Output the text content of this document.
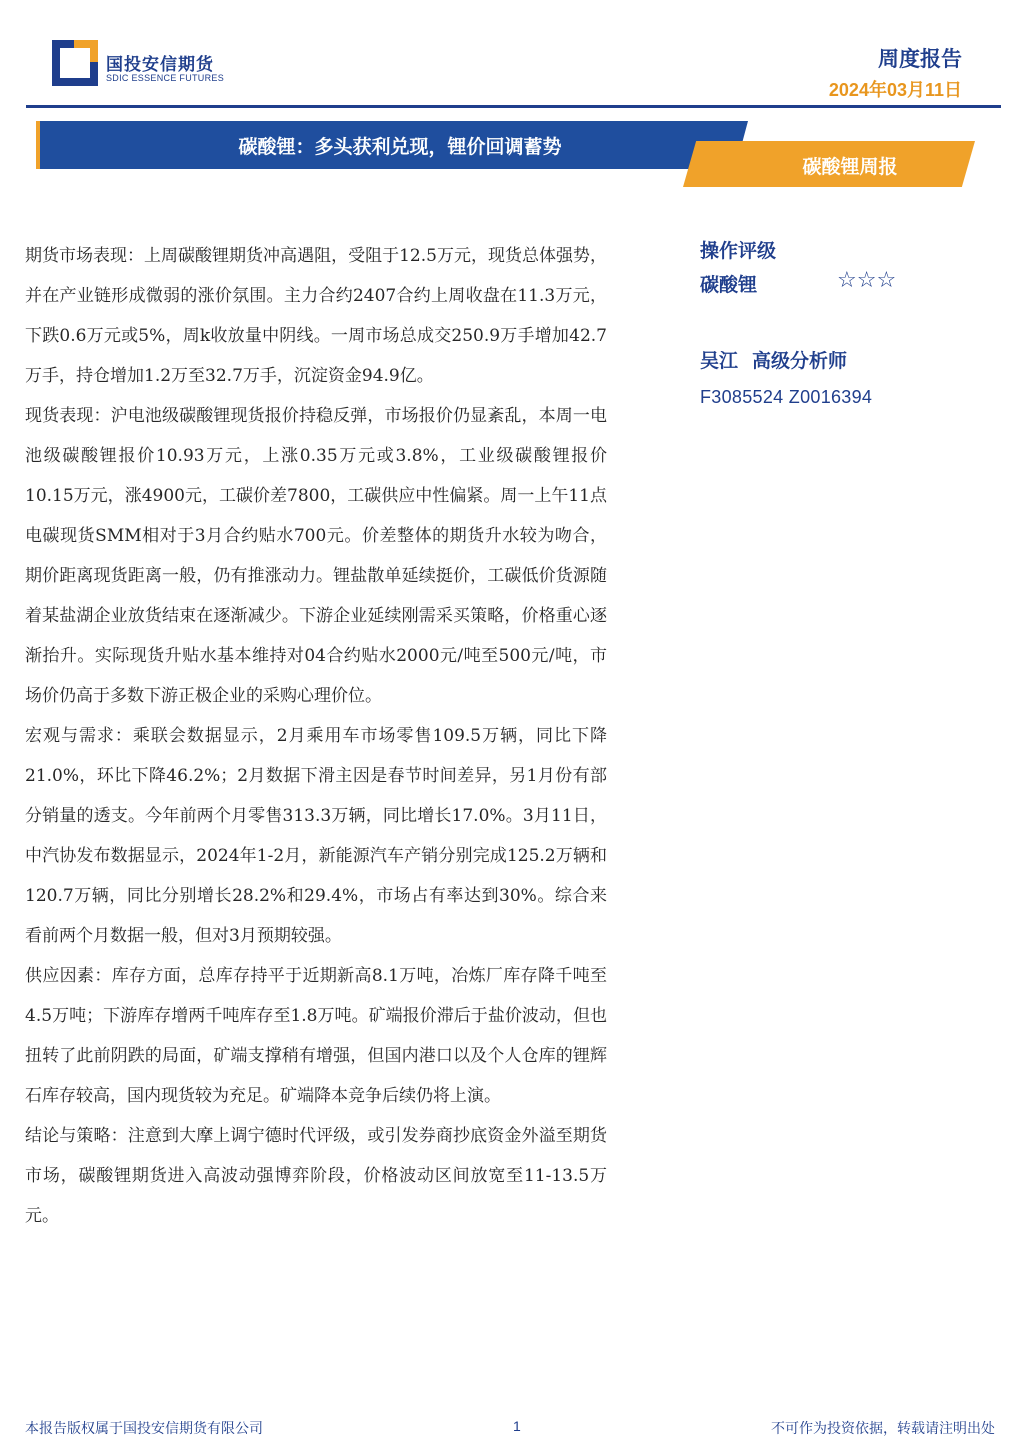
国投安信期货
SDIC ESSENCE FUTURES
周度报告
2024年03月11日
碳酸锂：多头获利兑现，锂价回调蓄势
碳酸锂周报

期货市场表现：上周碳酸锂期货冲高遇阻，受阻于12.5万元，现货总体强势，并在产业链形成微弱的涨价氛围。主力合约2407合约上周收盘在11.3万元，下跌0.6万元或5%，周k收放量中阴线。一周市场总成交250.9万手增加42.7万手，持仓增加1.2万至32.7万手，沉淀资金94.9亿。

现货表现：沪电池级碳酸锂现货报价持稳反弹，市场报价仍显紊乱，本周一电池级碳酸锂报价10.93万元，上涨0.35万元或3.8%，工业级碳酸锂报价10.15万元，涨4900元，工碳价差7800，工碳供应中性偏紧。周一上午11点电碳现货SMM相对于3月合约贴水700元。价差整体的期货升水较为吻合，期价距离现货距离一般，仍有推涨动力。锂盐散单延续挺价，工碳低价货源随着某盐湖企业放货结束在逐渐减少。下游企业延续刚需采买策略，价格重心逐渐抬升。实际现货升贴水基本维持对04合约贴水2000元/吨至500元/吨，市场价仍高于多数下游正极企业的采购心理价位。

宏观与需求：乘联会数据显示，2月乘用车市场零售109.5万辆，同比下降21.0%，环比下降46.2%；2月数据下滑主因是春节时间差异，另1月份有部分销量的透支。今年前两个月零售313.3万辆，同比增长17.0%。3月11日，中汽协发布数据显示，2024年1-2月，新能源汽车产销分别完成125.2万辆和120.7万辆，同比分别增长28.2%和29.4%，市场占有率达到30%。综合来看前两个月数据一般，但对3月预期较强。

供应因素：库存方面，总库存持平于近期新高8.1万吨，冶炼厂库存降千吨至4.5万吨；下游库存增两千吨库存至1.8万吨。矿端报价滞后于盐价波动，但也扭转了此前阴跌的局面，矿端支撑稍有增强，但国内港口以及个人仓库的锂辉石库存较高，国内现货较为充足。矿端降本竞争后续仍将上演。

结论与策略：注意到大摩上调宁德时代评级，或引发券商抄底资金外溢至期货市场，碳酸锂期货进入高波动强博弈阶段，价格波动区间放宽至11-13.5万元。

操作评级
碳酸锂	☆☆☆
吴江 高级分析师
F3085524 Z0016394
本报告版权属于国投安信期货有限公司	1	不可作为投资依据，转载请注明出处
